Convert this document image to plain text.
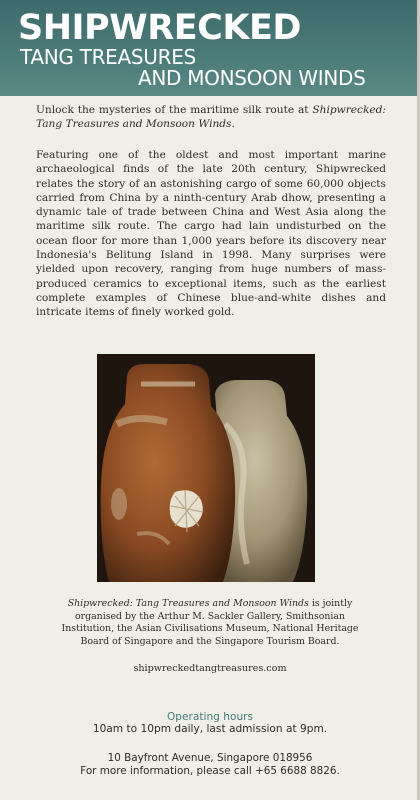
SHIPWRECKED
TANG TREASURES
AND MONSOON WINDS
Unlock the mysteries of the maritime silk route at Shipwrecked: Tang Treasures and Monsoon Winds.
Featuring one of the oldest and most important marine archaeological finds of the late 20th century, Shipwrecked relates the story of an astonishing cargo of some 60,000 objects carried from China by a ninth-century Arab dhow, presenting a dynamic tale of trade between China and West Asia along the maritime silk route. The cargo had lain undisturbed on the ocean floor for more than 1,000 years before its discovery near Indonesia's Belitung Island in 1998. Many surprises were yielded upon recovery, ranging from huge numbers of mass-produced ceramics to exceptional items, such as the earliest complete examples of Chinese blue-and-white dishes and intricate items of finely worked gold.
Shipwrecked: Tang Treasures and Monsoon Winds is jointly organised by the Arthur M. Sackler Gallery, Smithsonian Institution, the Asian Civilisations Museum, National Heritage Board of Singapore and the Singapore Tourism Board.
shipwreckedtangtreasures.com
Operating hours
10am to 10pm daily, last admission at 9pm.
10 Bayfront Avenue, Singapore 018956
For more information, please call +65 6688 8826.
